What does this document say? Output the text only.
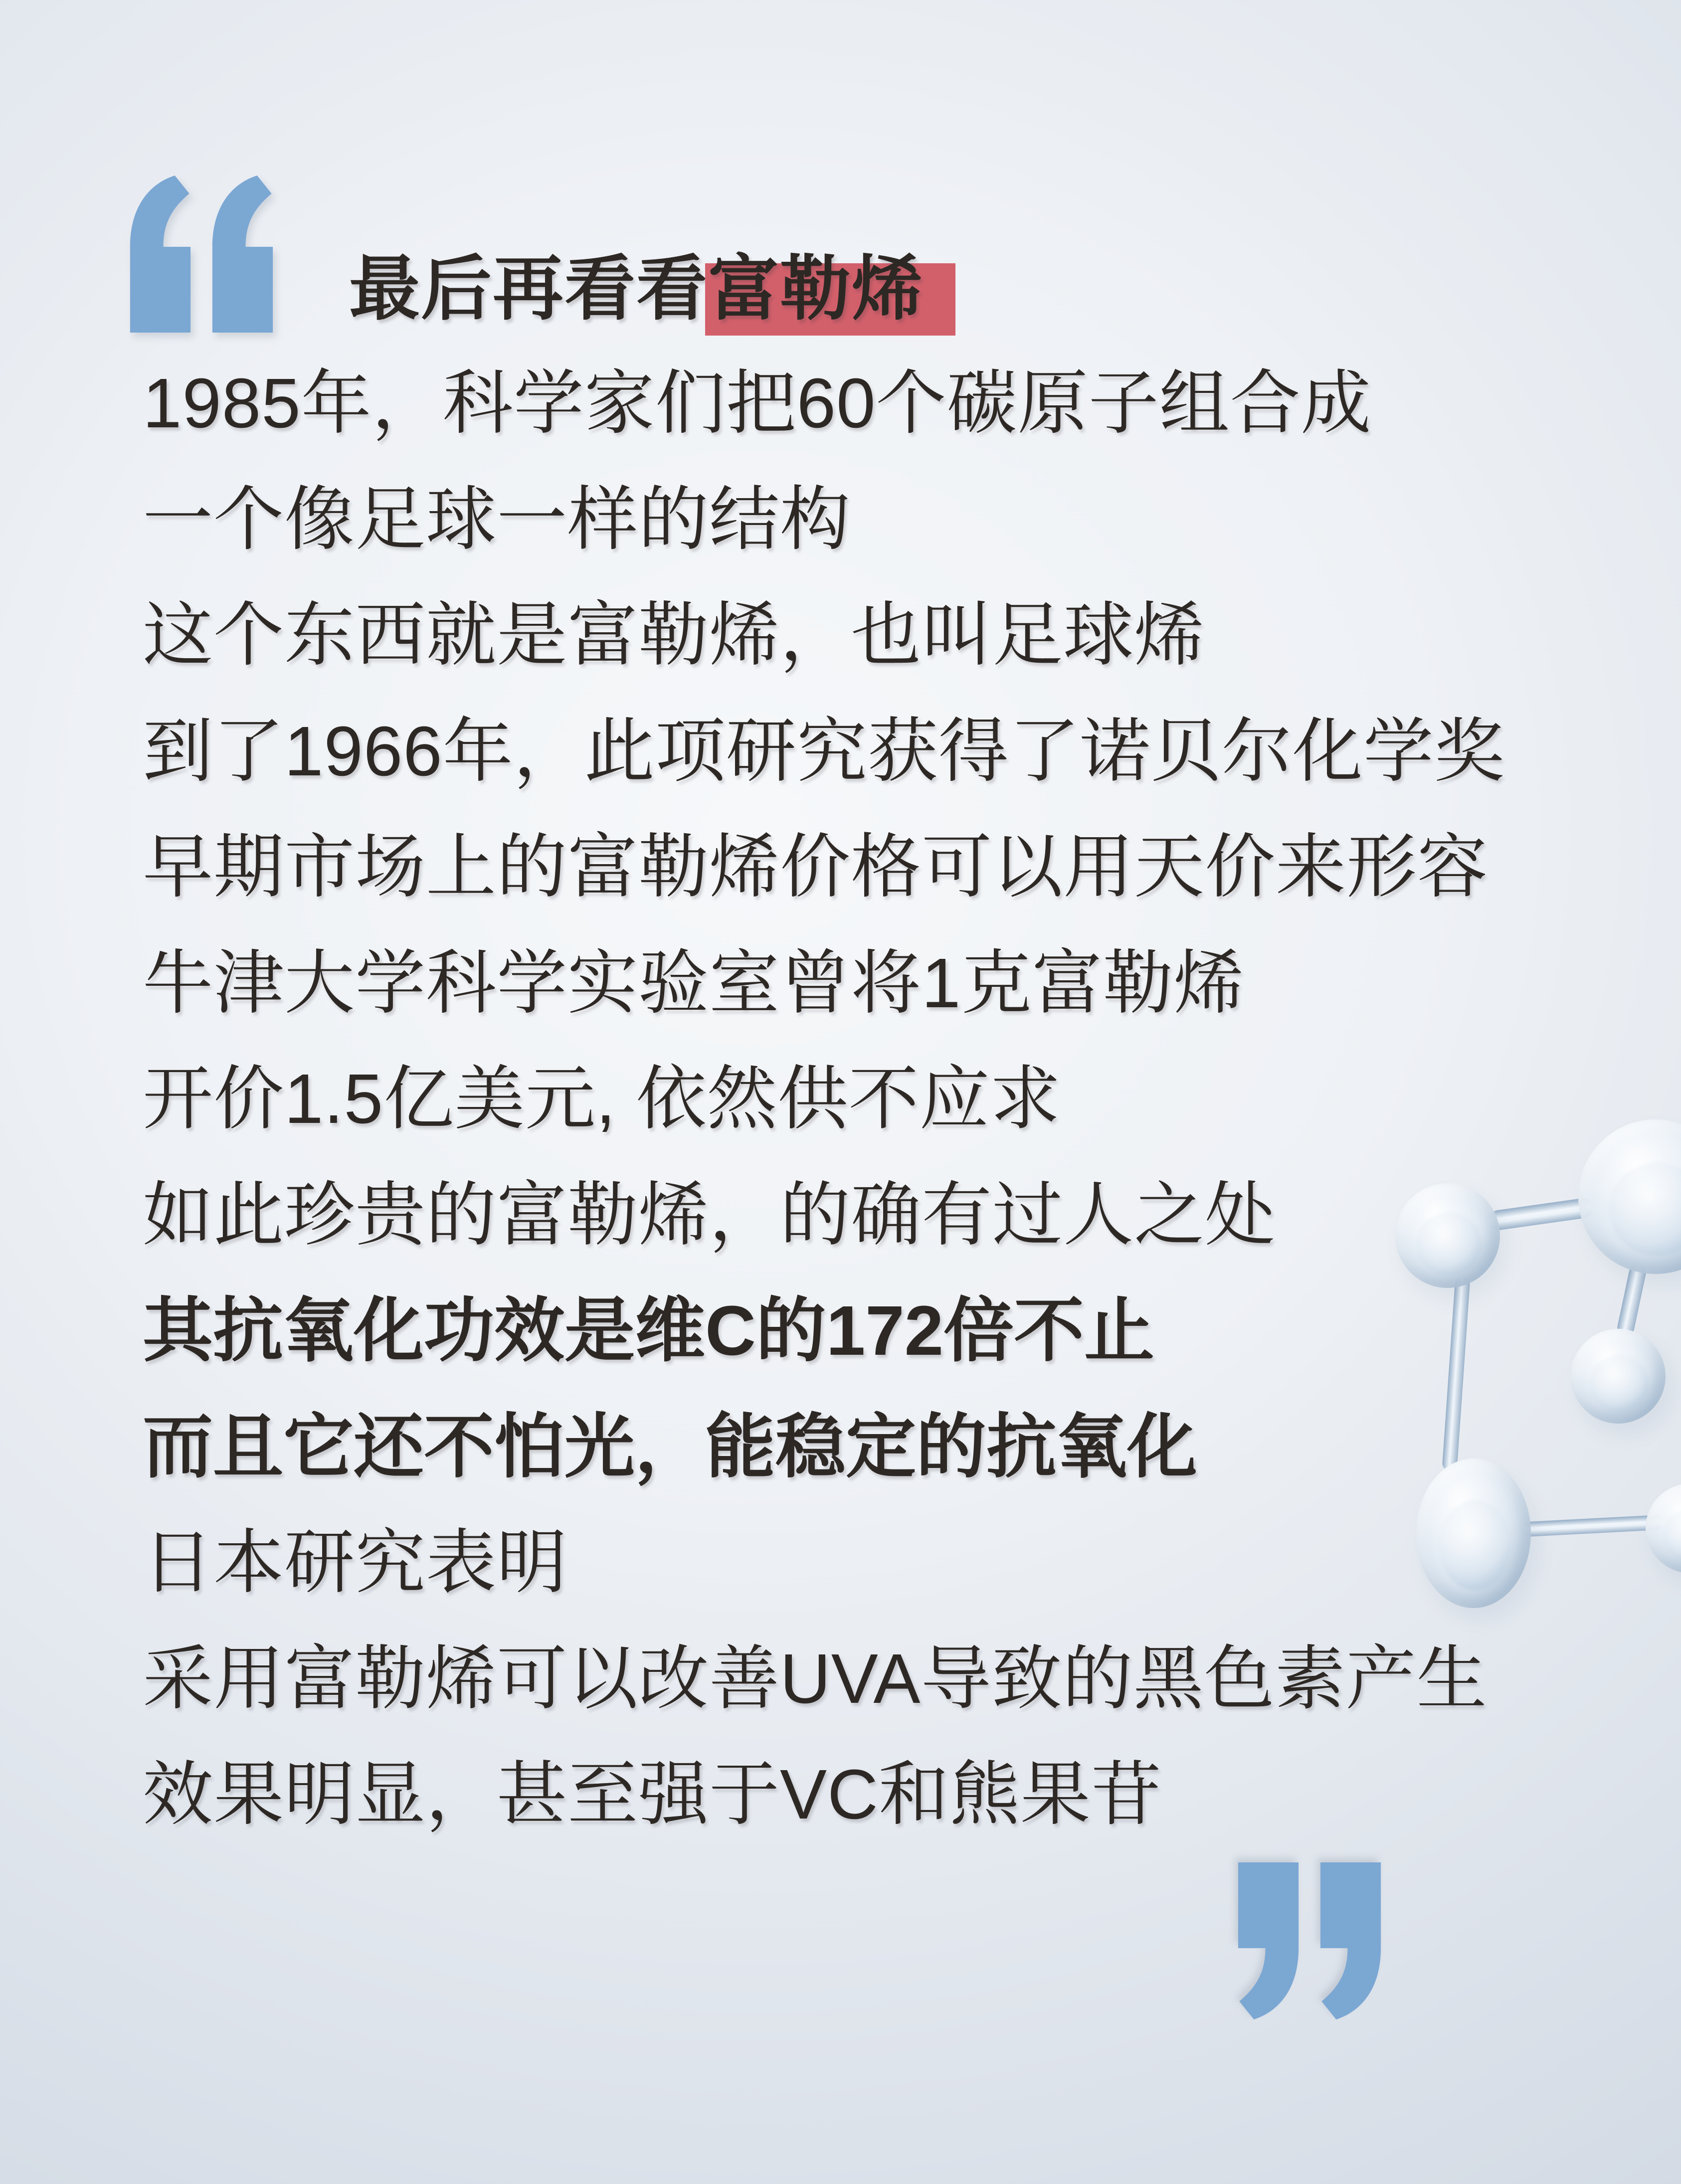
最后再看看富勒烯
1985年，科学家们把60个碳原子组合成
一个像足球一样的结构
这个东西就是富勒烯，也叫足球烯
到了1966年，此项研究获得了诺贝尔化学奖
早期市场上的富勒烯价格可以用天价来形容
牛津大学科学实验室曾将1克富勒烯
开价1.5亿美元, 依然供不应求
如此珍贵的富勒烯，的确有过人之处
其抗氧化功效是维C的172倍不止
而且它还不怕光，能稳定的抗氧化
日本研究表明
采用富勒烯可以改善UVA导致的黑色素产生
效果明显，甚至强于VC和熊果苷
